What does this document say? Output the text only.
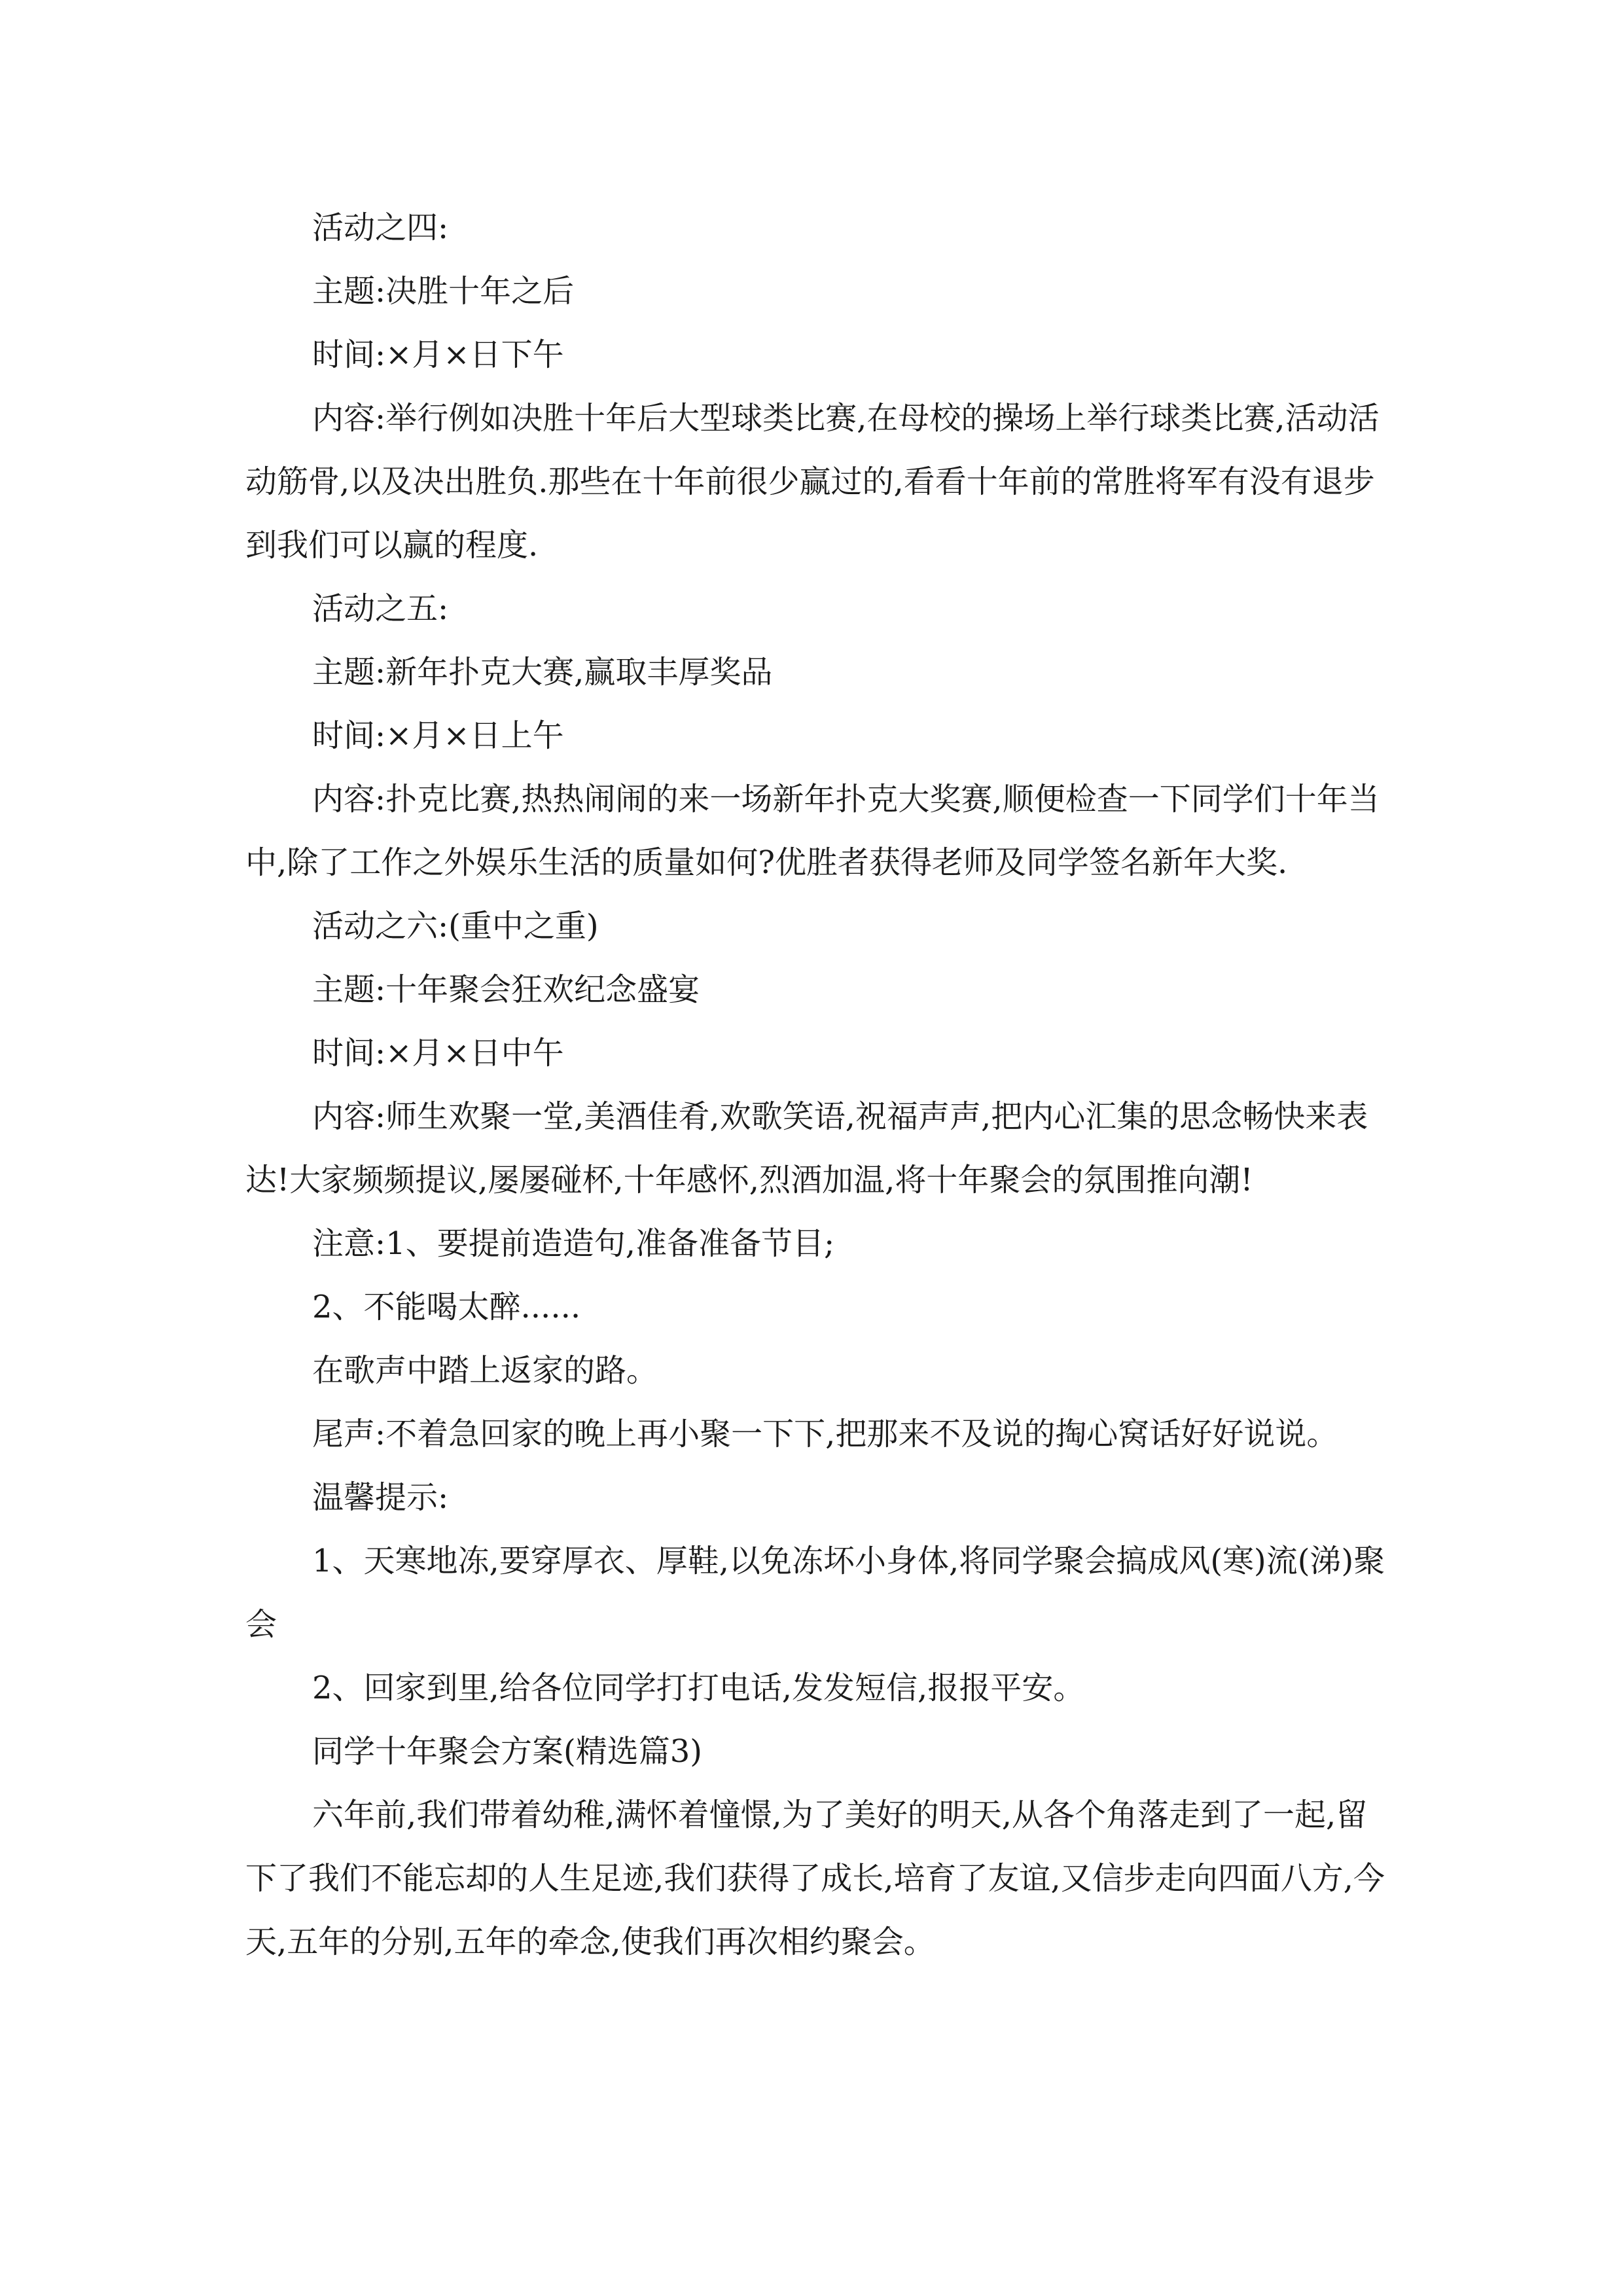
活动之四:

主题:决胜十年之后

时间:×月×日下午

内容:举行例如决胜十年后大型球类比赛,在母校的操场上举行球类比赛,活动活动筋骨,以及决出胜负.那些在十年前很少赢过的,看看十年前的常胜将军有没有退步到我们可以赢的程度.

活动之五:

主题:新年扑克大赛,赢取丰厚奖品

时间:×月×日上午

内容:扑克比赛,热热闹闹的来一场新年扑克大奖赛,顺便检查一下同学们十年当中,除了工作之外娱乐生活的质量如何?优胜者获得老师及同学签名新年大奖.

活动之六:(重中之重)

主题:十年聚会狂欢纪念盛宴

时间:×月×日中午

内容:师生欢聚一堂,美酒佳肴,欢歌笑语,祝福声声,把内心汇集的思念畅快来表达!大家频频提议,屡屡碰杯,十年感怀,烈酒加温,将十年聚会的氛围推向潮!

注意:1、要提前造造句,准备准备节目;

2、不能喝太醉......

在歌声中踏上返家的路。

尾声:不着急回家的晚上再小聚一下下,把那来不及说的掏心窝话好好说说。

温馨提示:

1、天寒地冻,要穿厚衣、厚鞋,以免冻坏小身体,将同学聚会搞成风(寒)流(涕)聚会

2、回家到里,给各位同学打打电话,发发短信,报报平安。

同学十年聚会方案(精选篇3)

六年前,我们带着幼稚,满怀着憧憬,为了美好的明天,从各个角落走到了一起,留下了我们不能忘却的人生足迹,我们获得了成长,培育了友谊,又信步走向四面八方,今天,五年的分别,五年的牵念,使我们再次相约聚会。
